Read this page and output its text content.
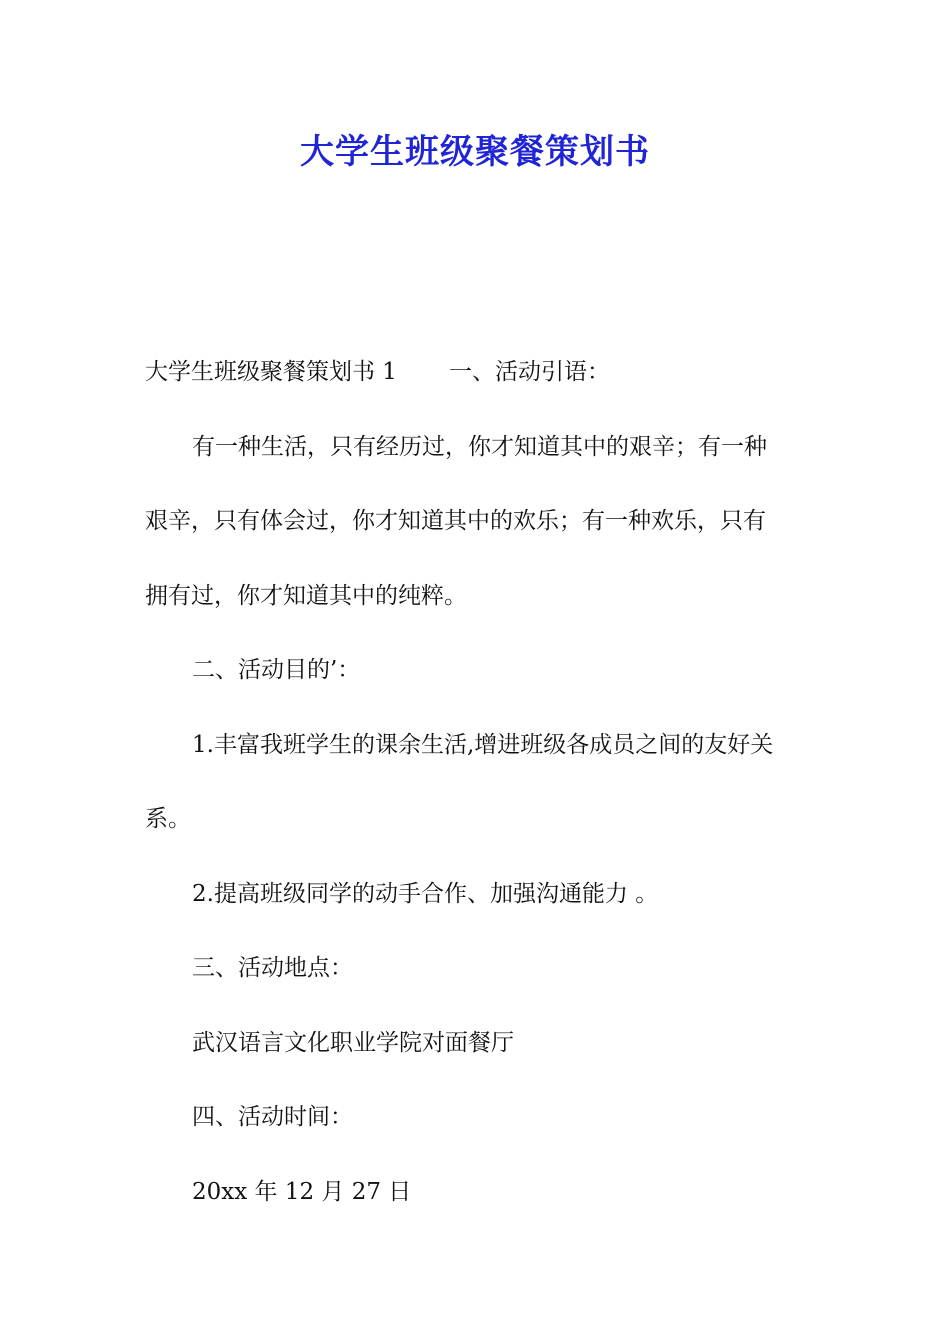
大学生班级聚餐策划书

大学生班级聚餐策划书 1 一、活动引语：

有一种生活，只有经历过，你才知道其中的艰辛；有一种

艰辛，只有体会过，你才知道其中的欢乐；有一种欢乐，只有

拥有过，你才知道其中的纯粹。

二、活动目的’：

1.丰富我班学生的课余生活,增进班级各成员之间的友好关

系。

2.提高班级同学的动手合作、加强沟通能力 。

三、活动地点：

武汉语言文化职业学院对面餐厅

四、活动时间：

20xx 年 12 月 27 日
